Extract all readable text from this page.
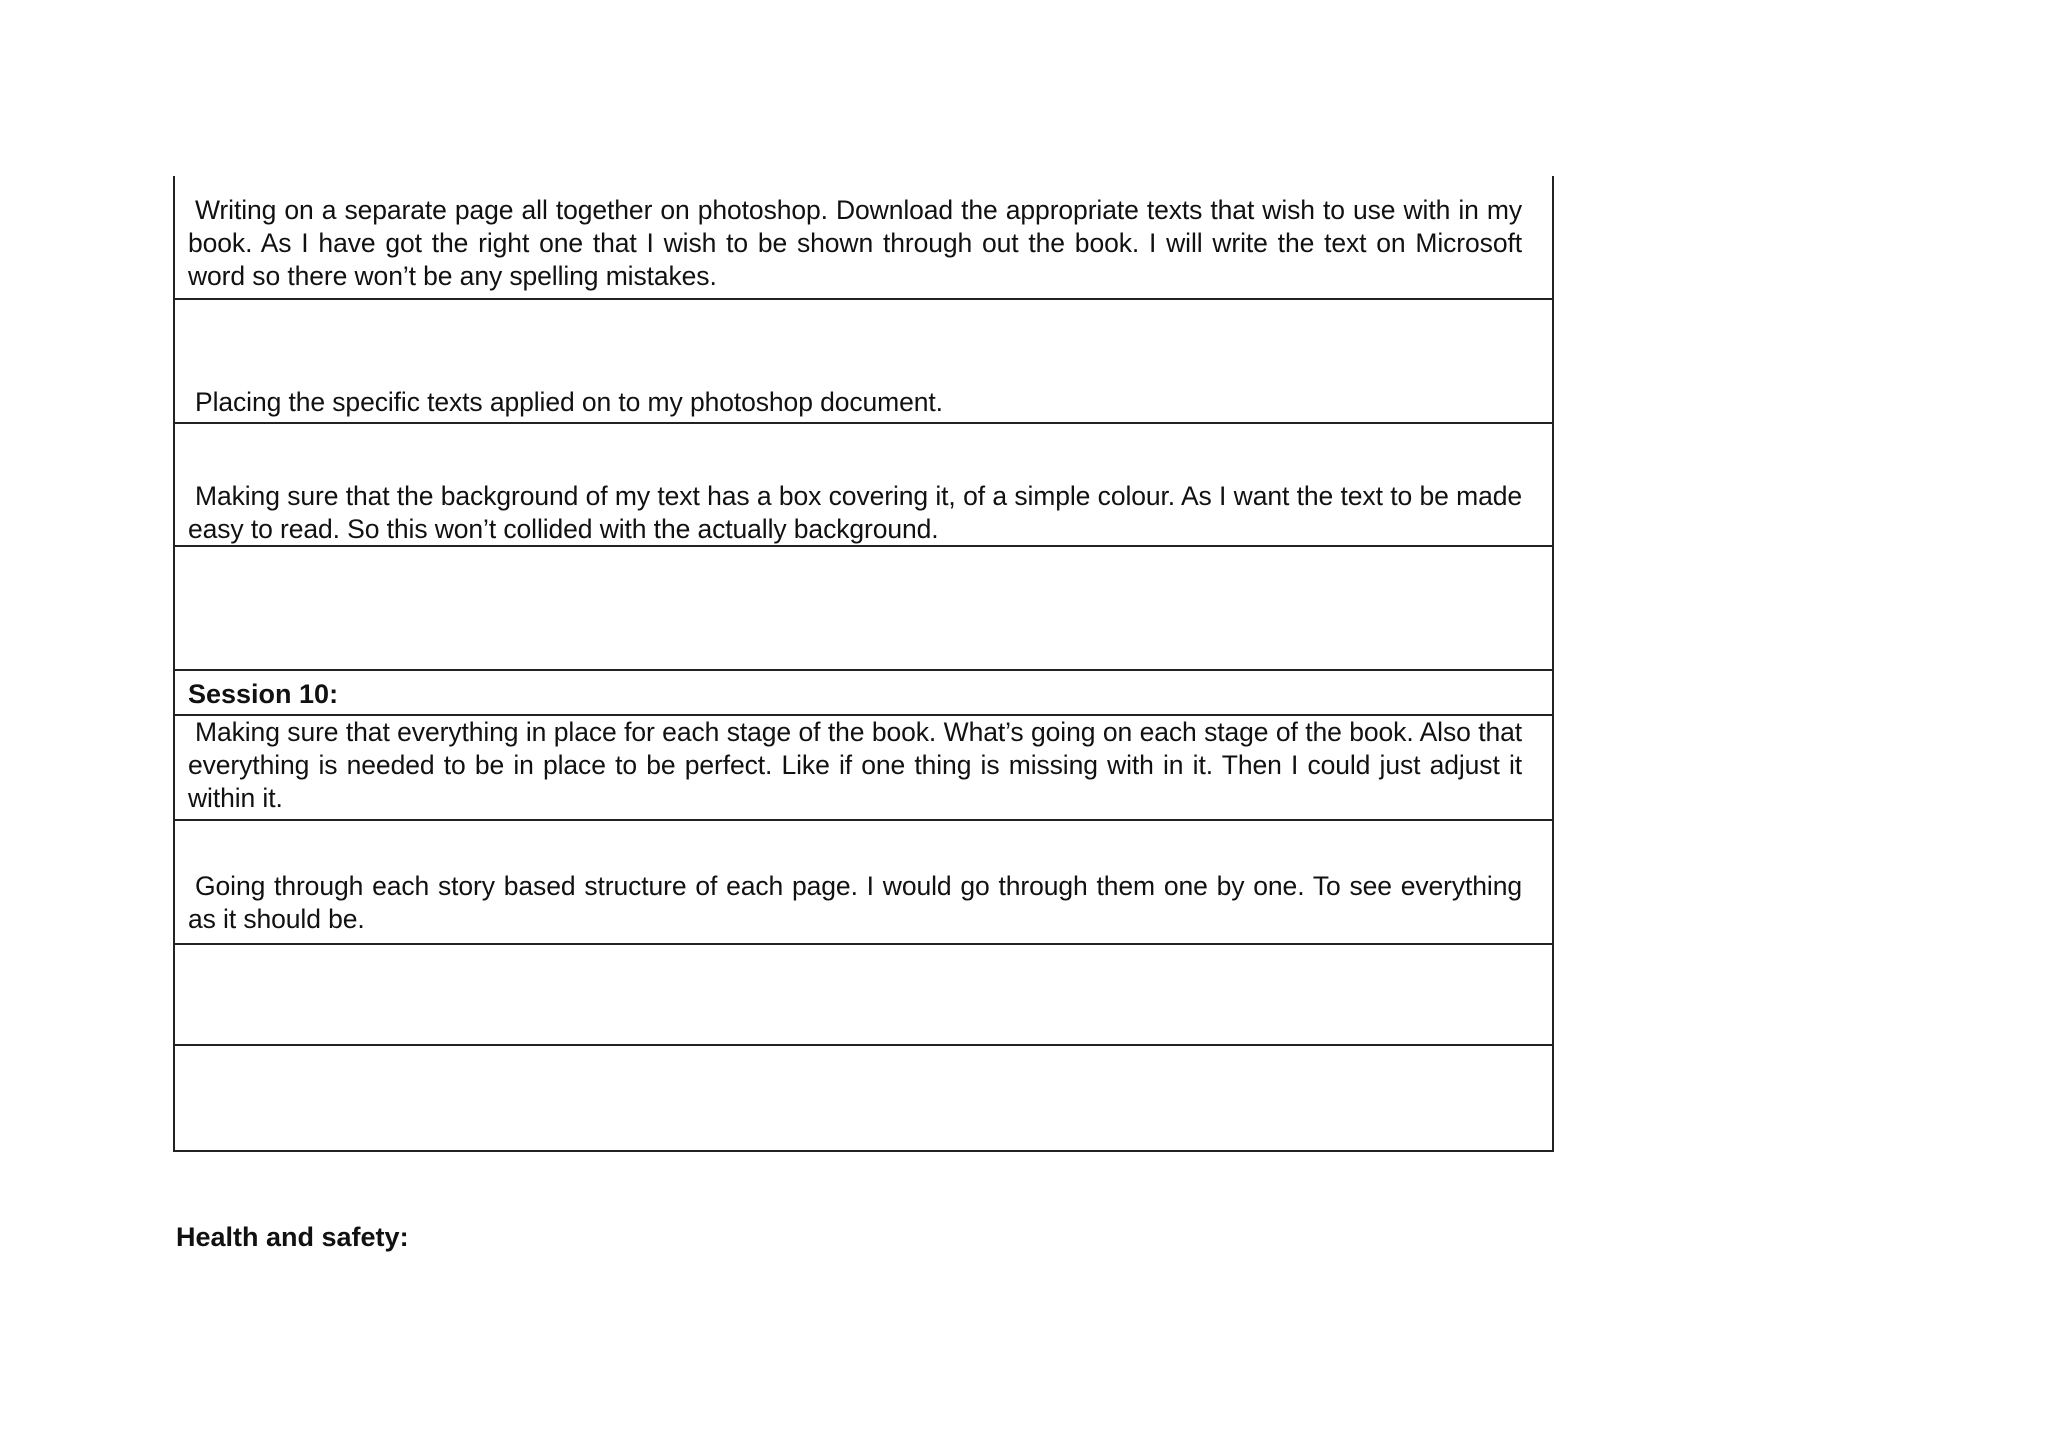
Writing on a separate page all together on photoshop. Download the appropriate texts that wish to use with in my book. As I have got the right one that I wish to be shown through out the book. I will write the text on Microsoft word so there won’t be any spelling mistakes.
Placing the specific texts applied on to my photoshop document.
Making sure that the background of my text has a box covering it, of a simple colour. As I want the text to be made easy to read. So this won’t collided with the actually background.
Session 10:
Making sure that everything in place for each stage of the book. What’s going on each stage of the book. Also that everything is needed to be in place to be perfect. Like if one thing is missing with in it. Then I could just adjust it within it.
Going through each story based structure of each page. I would go through them one by one. To see everything as it should be.
Health and safety:
